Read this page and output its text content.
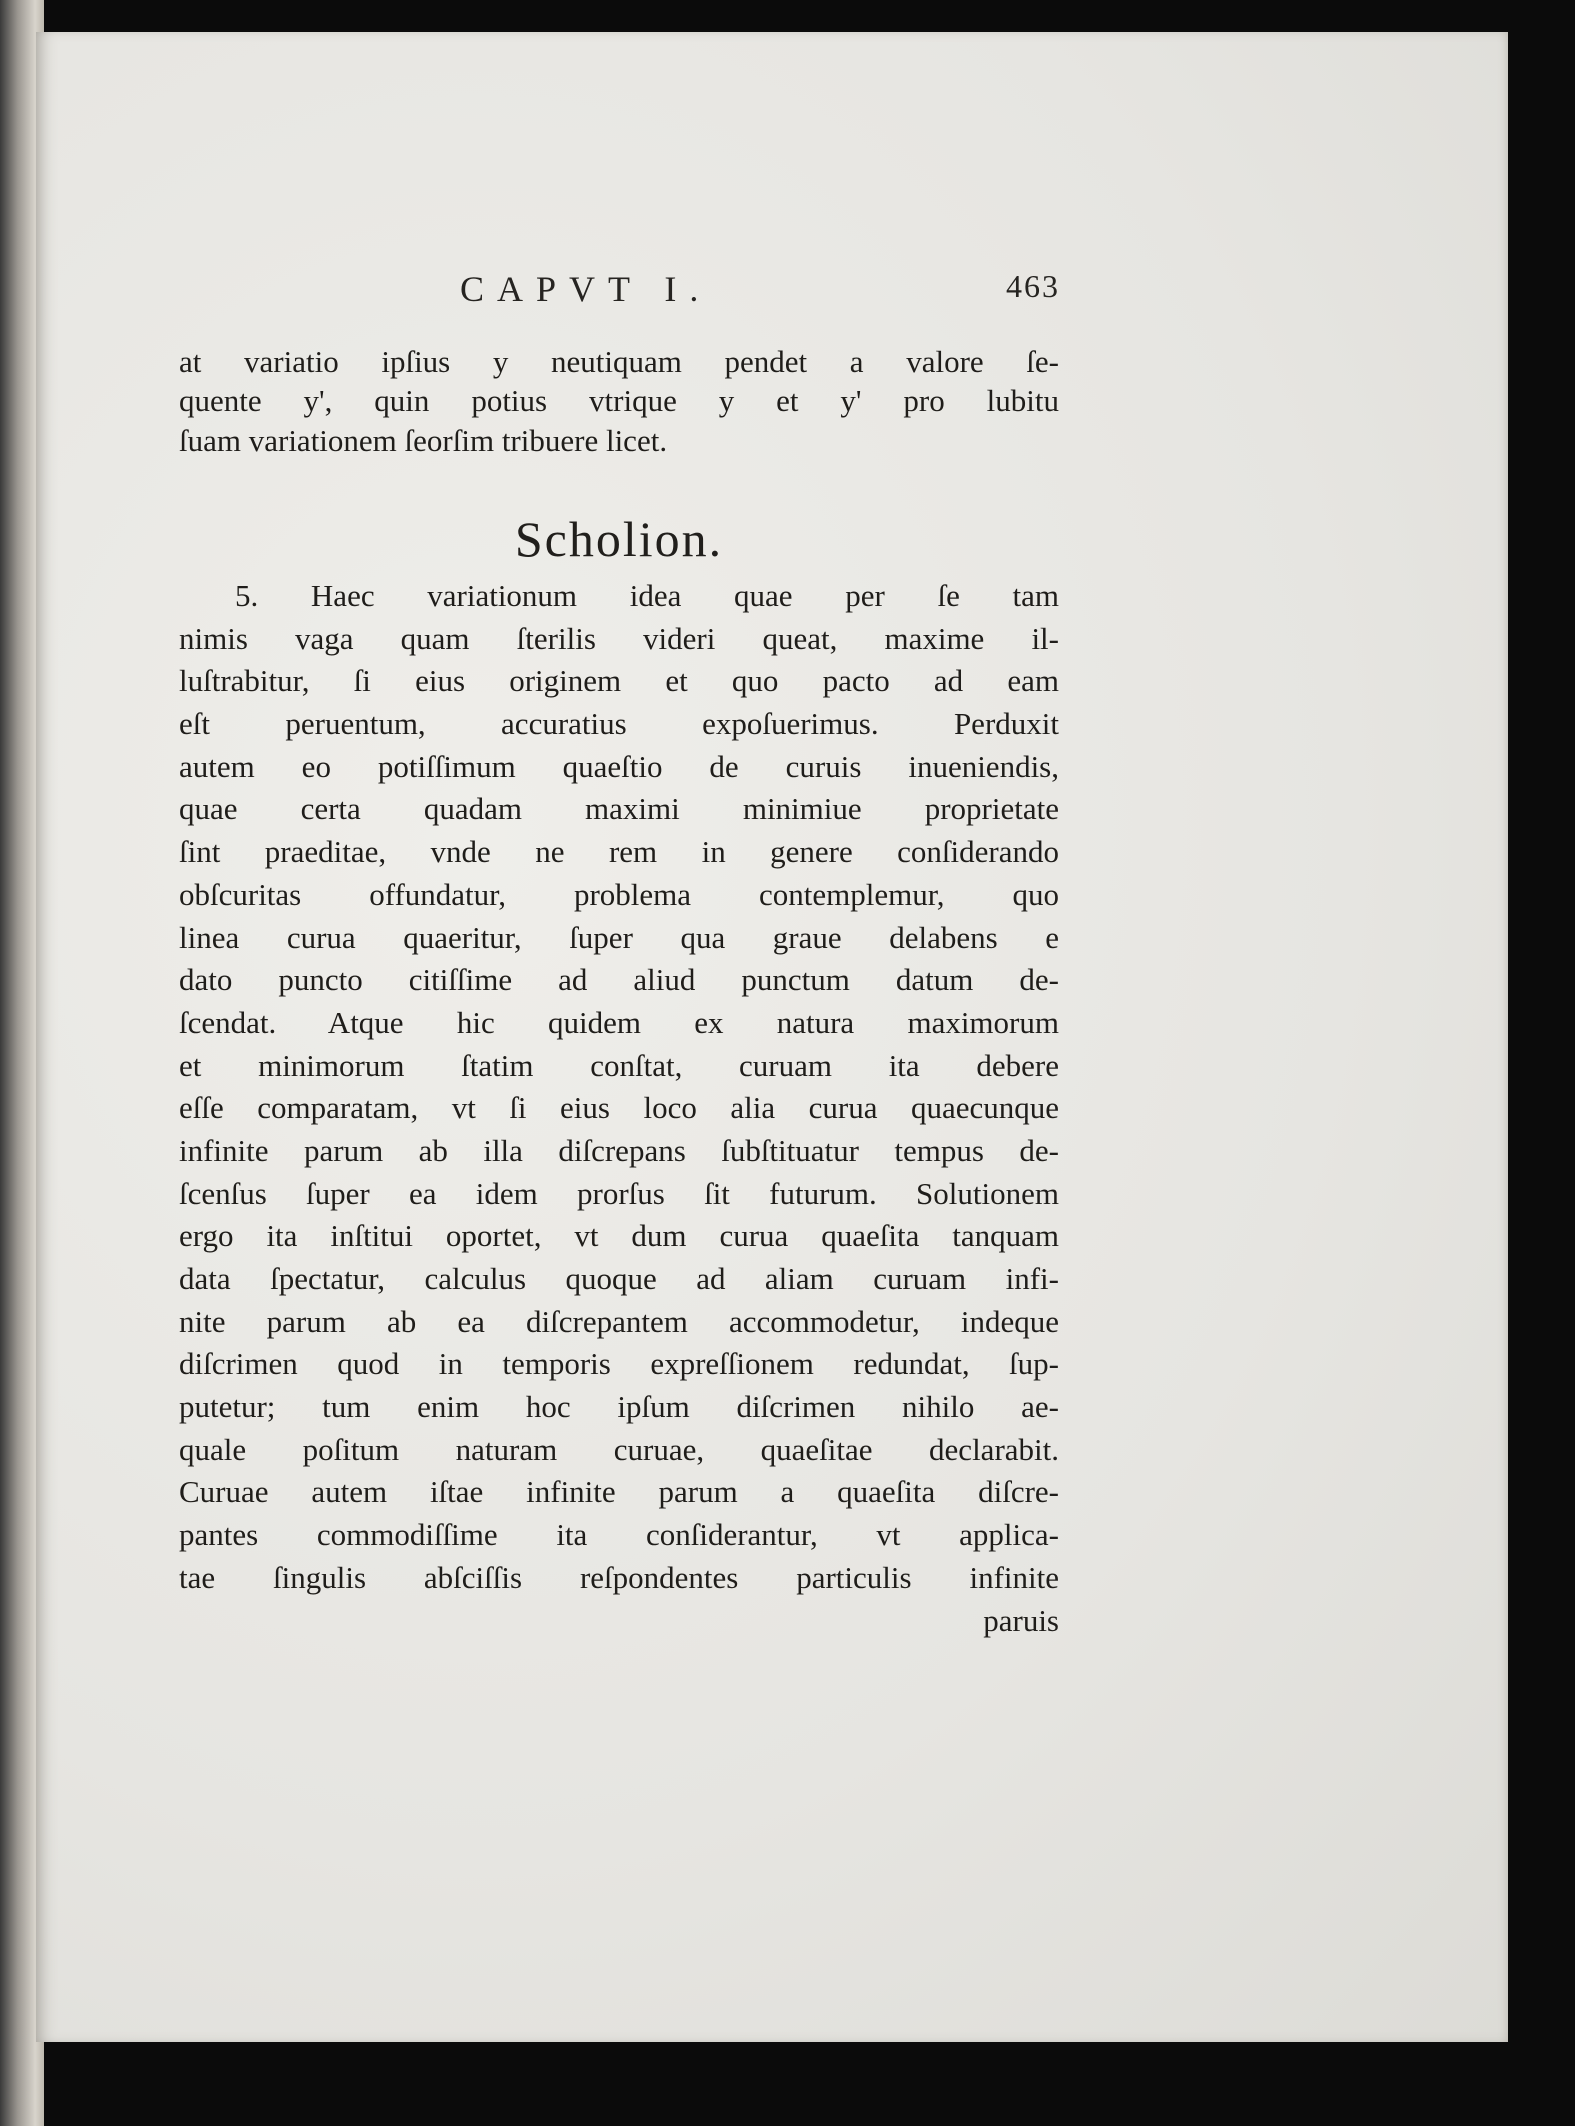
CAPVT I.	463
at variatio ipſius y neutiquam pendet a valore ſe-
quente y', quin potius vtrique y et y' pro lubitu
ſuam variationem ſeorſim tribuere licet.
Scholion.
5. Haec variationum idea quae per ſe tam
nimis vaga quam ſterilis videri queat, maxime il-
luſtrabitur, ſi eius originem et quo pacto ad eam
eſt peruentum, accuratius expoſuerimus. Perduxit
autem eo potiſſimum quaeſtio de curuis inueniendis,
quae certa quadam maximi minimiue proprietate
ſint praeditae, vnde ne rem in genere conſiderando
obſcuritas offundatur, problema contemplemur, quo
linea curua quaeritur, ſuper qua graue delabens e
dato puncto citiſſime ad aliud punctum datum de-
ſcendat. Atque hic quidem ex natura maximorum
et minimorum ſtatim conſtat, curuam ita debere
eſſe comparatam, vt ſi eius loco alia curua quaecunque
infinite parum ab illa diſcrepans ſubſtituatur tempus de-
ſcenſus ſuper ea idem prorſus ſit futurum. Solutionem
ergo ita inſtitui oportet, vt dum curua quaeſita tanquam
data ſpectatur, calculus quoque ad aliam curuam infi-
nite parum ab ea diſcrepantem accommodetur, indeque
diſcrimen quod in temporis expreſſionem redundat, ſup-
putetur; tum enim hoc ipſum diſcrimen nihilo ae-
quale poſitum naturam curuae, quaeſitae declarabit.
Curuae autem iſtae infinite parum a quaeſita diſcre-
pantes commodiſſime ita conſiderantur, vt applica-
tae ſingulis abſciſſis reſpondentes particulis infinite
paruis
